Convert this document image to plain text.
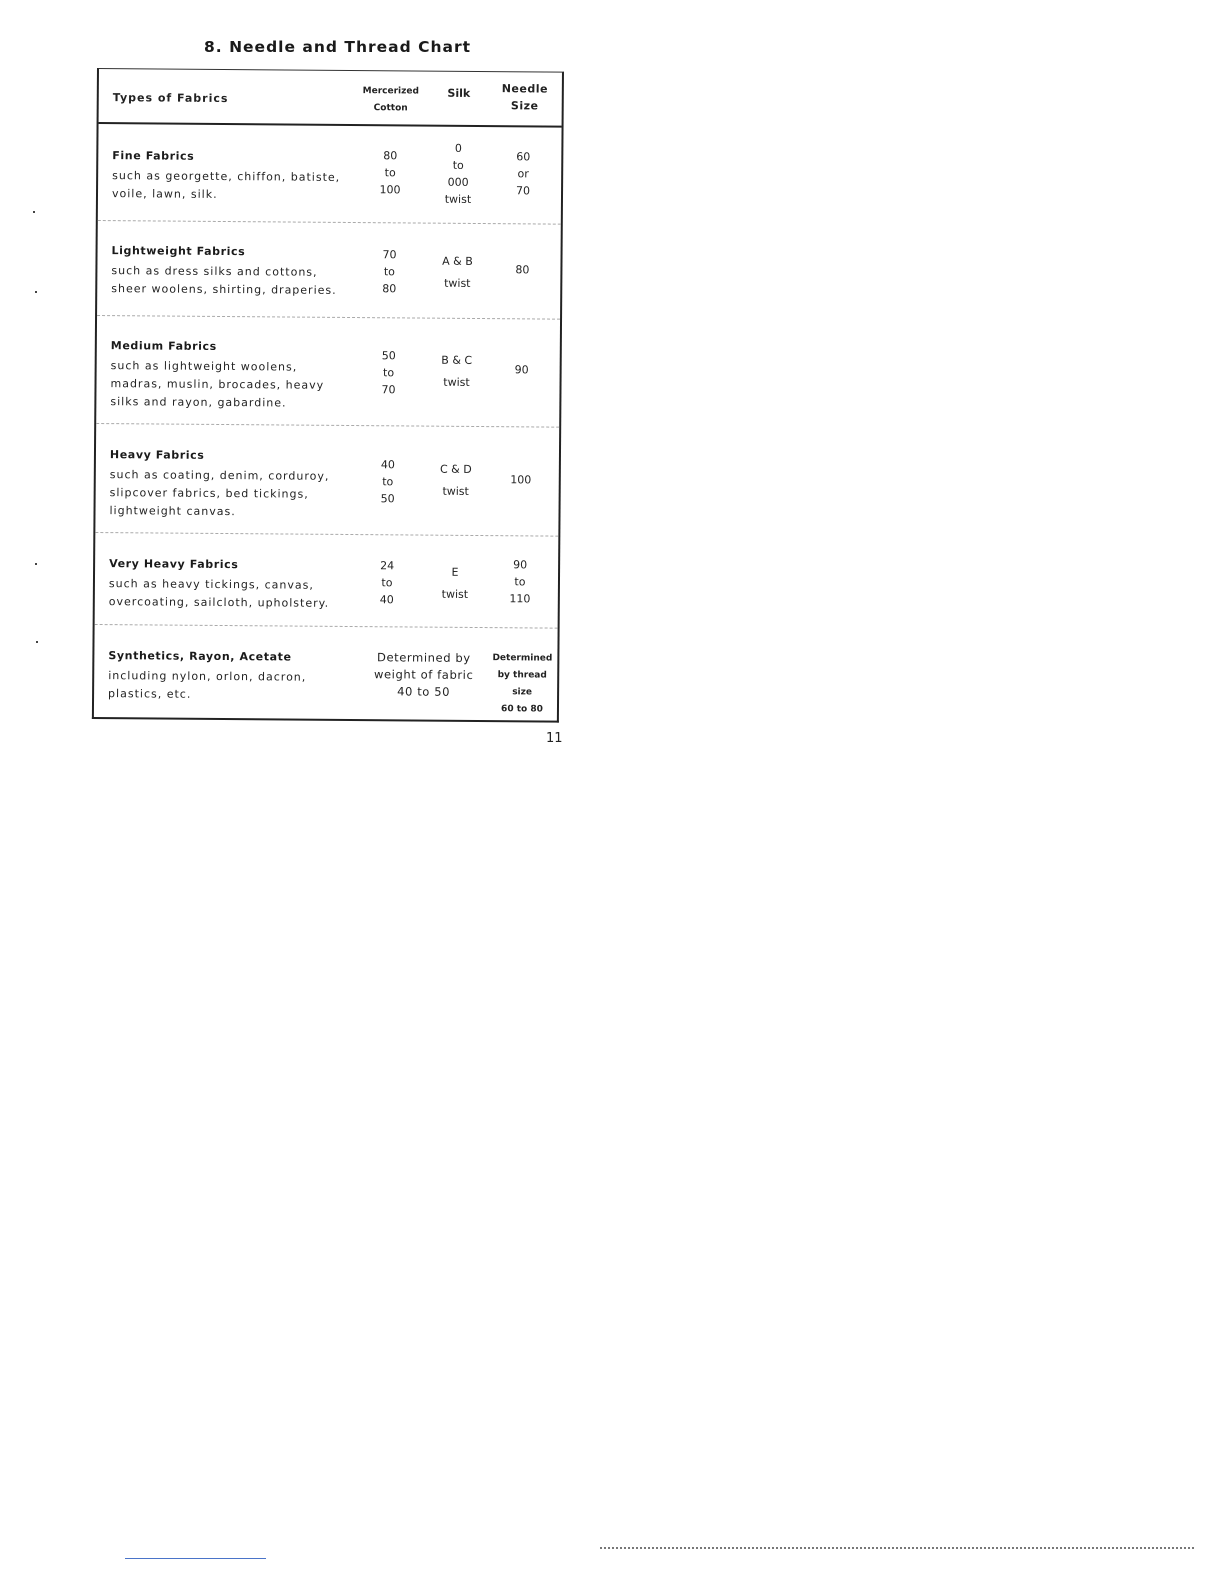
8. Needle and Thread Chart
Types of Fabrics	Mercerized
Cotton
Silk	Needle
Size
Fine Fabrics
such as georgette, chiffon, batiste, voile, lawn, silk.
80
to
100
0
to
000
twist
60
or
70
Lightweight Fabrics
such as dress silks and cottons, sheer woolens, shirting, draperies.
70
to
80
A & B
twist
80
Medium Fabrics
such as lightweight woolens, madras, muslin, brocades, heavy silks and rayon, gabardine.
50
to
70
B & C
twist
90
Heavy Fabrics
such as coating, denim, corduroy, slipcover fabrics, bed tickings, lightweight canvas.
40
to
50
C & D
twist
100
Very Heavy Fabrics
such as heavy tickings, canvas, overcoating, sailcloth, upholstery.
24
to
40
E
twist
90
to
110
Synthetics, Rayon, Acetate
including nylon, orlon, dacron, plastics, etc.
Determined by
weight of fabric
40 to 50
Determined
by thread size
60 to 80
11
